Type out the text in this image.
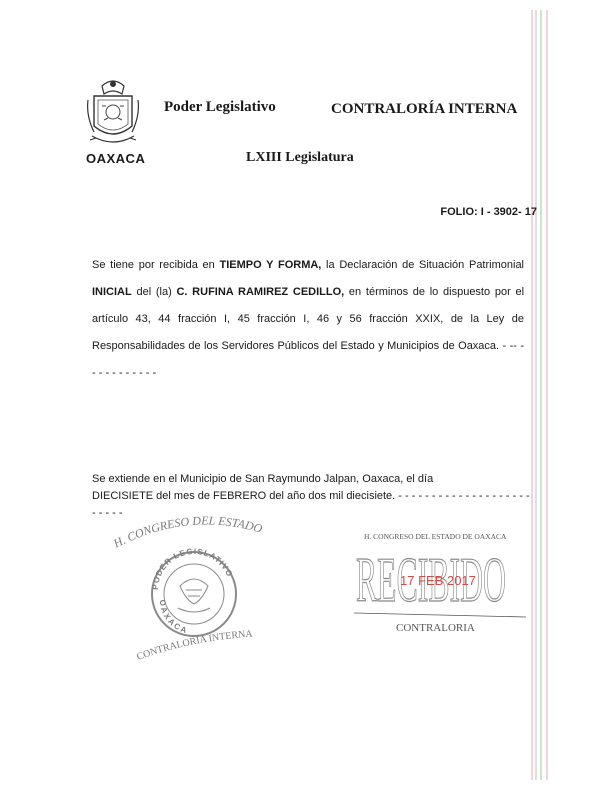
OAXACA
Poder Legislativo	CONTRALORÍA INTERNA
LXIII Legislatura
FOLIO: I - 3902- 17
Se tiene por recibida en TIEMPO Y FORMA, la Declaración de Situación Patrimonial INICIAL del (la) C. RUFINA RAMIREZ CEDILLO, en términos de lo dispuesto por el artículo 43, 44 fracción I, 45 fracción I, 46 y 56 fracción XXIX, de la Ley de Responsabilidades de los Servidores Públicos del Estado y Municipios de Oaxaca. - -- - - - - - - - - - - -
Se extiende en el Municipio de San Raymundo Jalpan, Oaxaca, el día
DIECISIETE del mes de FEBRERO del año dos mil diecisiete. - - - - - - - - - - - - - - - - - - - - - - - - -
H. CONGRESO DEL ESTADO
PODER LEGISLATIVO
OAXACA
CONTRALORÍA INTERNA
H. CONGRESO DEL ESTADO DE OAXACA
RECIBIDO
17 FEB 2017
CONTRALORIA
